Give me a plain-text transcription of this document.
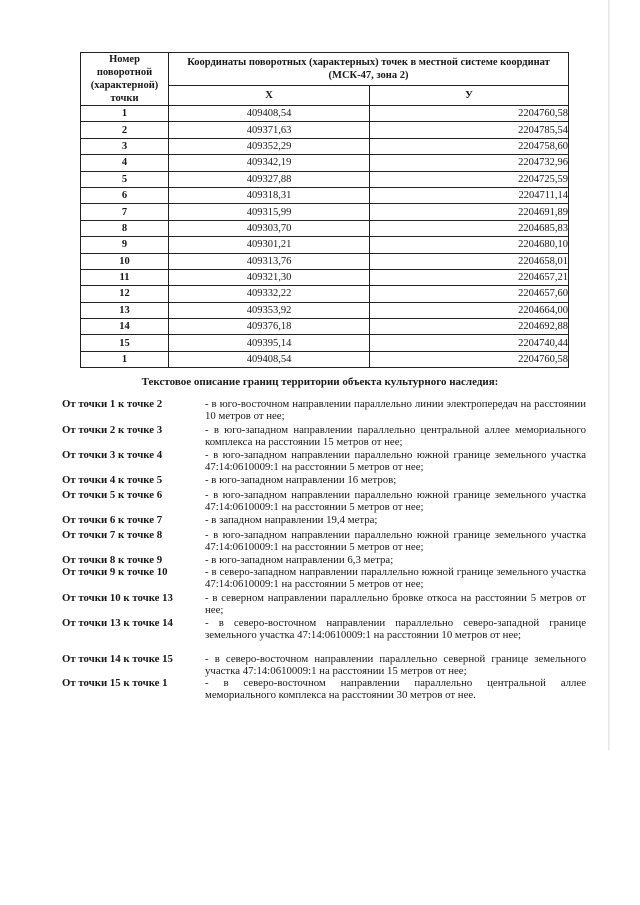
Номер поворотной (характерной) точки	Координаты поворотных (характерных) точек в местной системе координат (МСК-47, зона 2)	
	X	У
1	409408,54	2204760,58
2	409371,63	2204785,54
3	409352,29	2204758,60
4	409342,19	2204732,96
5	409327,88	2204725,59
6	409318,31	2204711,14
7	409315,99	2204691,89
8	409303,70	2204685,83
9	409301,21	2204680,10
10	409313,76	2204658,01
11	409321,30	2204657,21
12	409332,22	2204657,60
13	409353,92	2204664,00
14	409376,18	2204692,88
15	409395,14	2204740,44
1	409408,54	2204760,58
Текстовое описание границ территории объекта культурного наследия:
От точки 1 к точке 2	- в юго-восточном направлении параллельно линии электропередач на расстоянии 10 метров от нее;
От точки 2 к точке 3	- в юго-западном направлении параллельно центральной аллее мемориального комплекса на расстоянии 15 метров от нее;
От точки 3 к точке 4	- в юго-западном направлении параллельно южной границе земельного участка 47:14:0610009:1 на расстоянии 5 метров от нее;
От точки 4 к точке 5	- в юго-западном направлении 16 метров;
От точки 5 к точке 6	- в юго-западном направлении параллельно южной границе земельного участка 47:14:0610009:1 на расстоянии 5 метров от нее;
От точки 6 к точке 7	- в западном направлении 19,4 метра;
От точки 7 к точке 8	- в юго-западном направлении параллельно южной границе земельного участка 47:14:0610009:1 на расстоянии 5 метров от нее;
От точки 8 к точке 9	- в юго-западном направлении 6,3 метра;
От точки 9 к точке 10	- в северо-западном направлении параллельно южной границе земельного участка 47:14:0610009:1 на расстоянии 5 метров от нее;
От точки 10 к точке 13	- в северном направлении параллельно бровке откоса на расстоянии 5 метров от нее;
От точки 13 к точке 14	- в северо-восточном направлении параллельно северо-западной границе земельного участка 47:14:0610009:1 на расстоянии 10 метров от нее;
От точки 14 к точке 15	- в северо-восточном направлении параллельно северной границе земельного участка 47:14:0610009:1 на расстоянии 15 метров от нее;
От точки 15 к точке 1	- в северо-восточном направлении параллельно центральной аллее мемориального комплекса на расстоянии 30 метров от нее.
